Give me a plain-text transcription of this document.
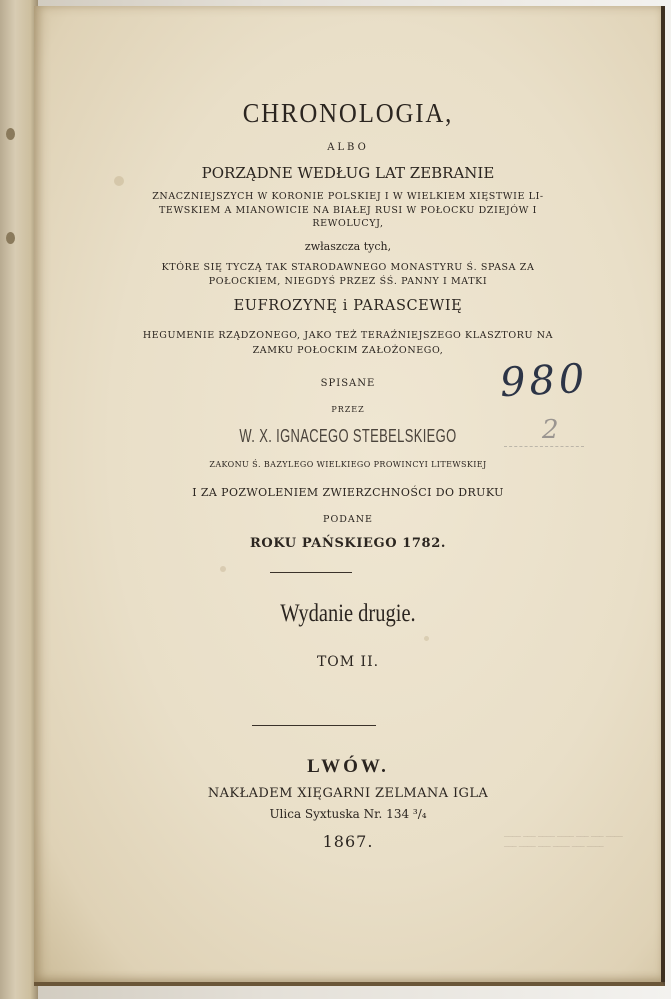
CHRONOLOGIA,
ALBO
PORZĄDNE WEDŁUG LAT ZEBRANIE
ZNACZNIEJSZYCH W KORONIE POLSKIEJ I W WIELKIEM XIĘSTWIE LI-
TEWSKIEM A MIANOWICIE NA BIAŁEJ RUSI W POŁOCKU DZIEJÓW I
REWOLUCYJ,
zwłaszcza tych,
KTÓRE SIĘ TYCZĄ TAK STARODAWNEGO MONASTYRU Ś. SPASA ZA
POŁOCKIEM, NIEGDYŚ PRZEZ ŚŚ. PANNY I MATKI
EUFROZYNĘ i PARASCEWIĘ
HEGUMENIE RZĄDZONEGO, JAKO TEŻ TERAŹNIEJSZEGO KLASZTORU NA
ZAMKU POŁOCKIM ZAŁOŻONEGO,
SPISANE
PRZEZ
W. X. IGNACEGO STEBELSKIEGO
ZAKONU Ś. BAZYLEGO WIELKIEGO PROWINCYI LITEWSKIEJ
I ZA POZWOLENIEM ZWIERZCHNOŚCI DO DRUKU
PODANE
ROKU PAŃSKIEGO 1782.
Wydanie drugie.
TOM II.
LWÓW.
NAKŁADEM XIĘGARNI ZELMANA IGLA
Ulica Syxtuska Nr. 134 ³/₄
1867.	──── ─── ──── ──── ─── ─── ────
─── ──── ─── ──── ─── ────
980
2
